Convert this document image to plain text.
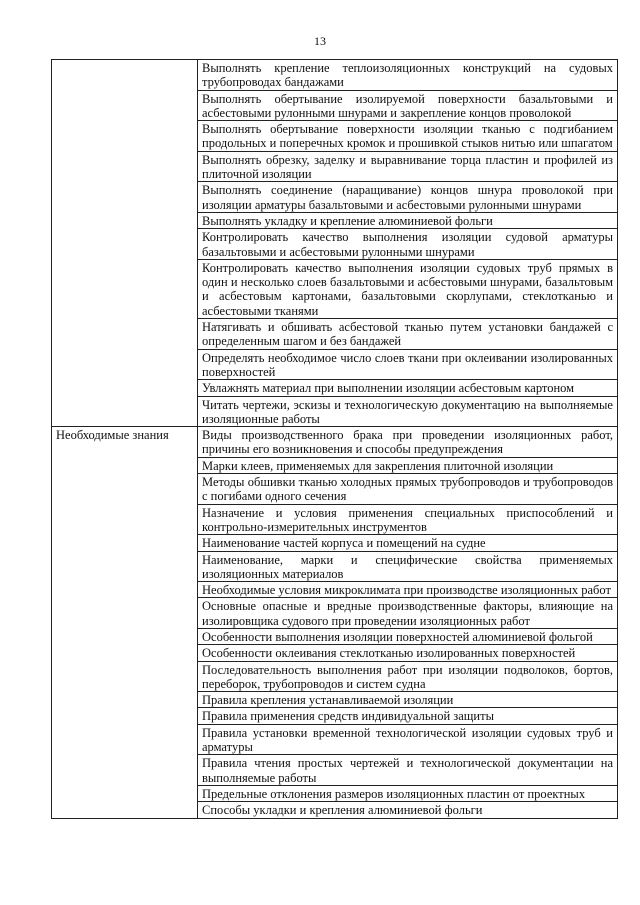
13
	Выполнять крепление теплоизоляционных конструкций на судовых трубопроводах бандажами
	Выполнять обертывание изолируемой поверхности базальтовыми и асбестовыми рулонными шнурами и закрепление концов проволокой
	Выполнять обертывание поверхности изоляции тканью с подгибанием продольных и поперечных кромок и прошивкой стыков нитью или шпагатом
	Выполнять обрезку, заделку и выравнивание торца пластин и профилей из плиточной изоляции
	Выполнять соединение (наращивание) концов шнура проволокой при изоляции арматуры базальтовыми и асбестовыми рулонными шнурами
	Выполнять укладку и крепление алюминиевой фольги
	Контролировать качество выполнения изоляции судовой арматуры базальтовыми и асбестовыми рулонными шнурами
	Контролировать качество выполнения изоляции судовых труб прямых в один и несколько слоев базальтовыми и асбестовыми шнурами, базальтовым и асбестовым картонами, базальтовыми скорлупами, стеклотканью и асбестовыми тканями
	Натягивать и обшивать асбестовой тканью путем установки бандажей с определенным шагом и без бандажей
	Определять необходимое число слоев ткани при оклеивании изолированных поверхностей
	Увлажнять материал при выполнении изоляции асбестовым картоном
	Читать чертежи, эскизы и технологическую документацию на выполняемые изоляционные работы
Необходимые знания	Виды производственного брака при проведении изоляционных работ, причины его возникновения и способы предупреждения
	Марки клеев, применяемых для закрепления плиточной изоляции
	Методы обшивки тканью холодных прямых трубопроводов и трубопроводов с погибами одного сечения
	Назначение и условия применения специальных приспособлений и контрольно-измерительных инструментов
	Наименование частей корпуса и помещений на судне
	Наименование, марки и специфические свойства применяемых изоляционных материалов
	Необходимые условия микроклимата при производстве изоляционных работ
	Основные опасные и вредные производственные факторы, влияющие на изолировщика судового при проведении изоляционных работ
	Особенности выполнения изоляции поверхностей алюминиевой фольгой
	Особенности оклеивания стеклотканью изолированных поверхностей
	Последовательность выполнения работ при изоляции подволоков, бортов, переборок, трубопроводов и систем судна
	Правила крепления устанавливаемой изоляции
	Правила применения средств индивидуальной защиты
	Правила установки временной технологической изоляции судовых труб и арматуры
	Правила чтения простых чертежей и технологической документации на выполняемые работы
	Предельные отклонения размеров изоляционных пластин от проектных
	Способы укладки и крепления алюминиевой фольги
